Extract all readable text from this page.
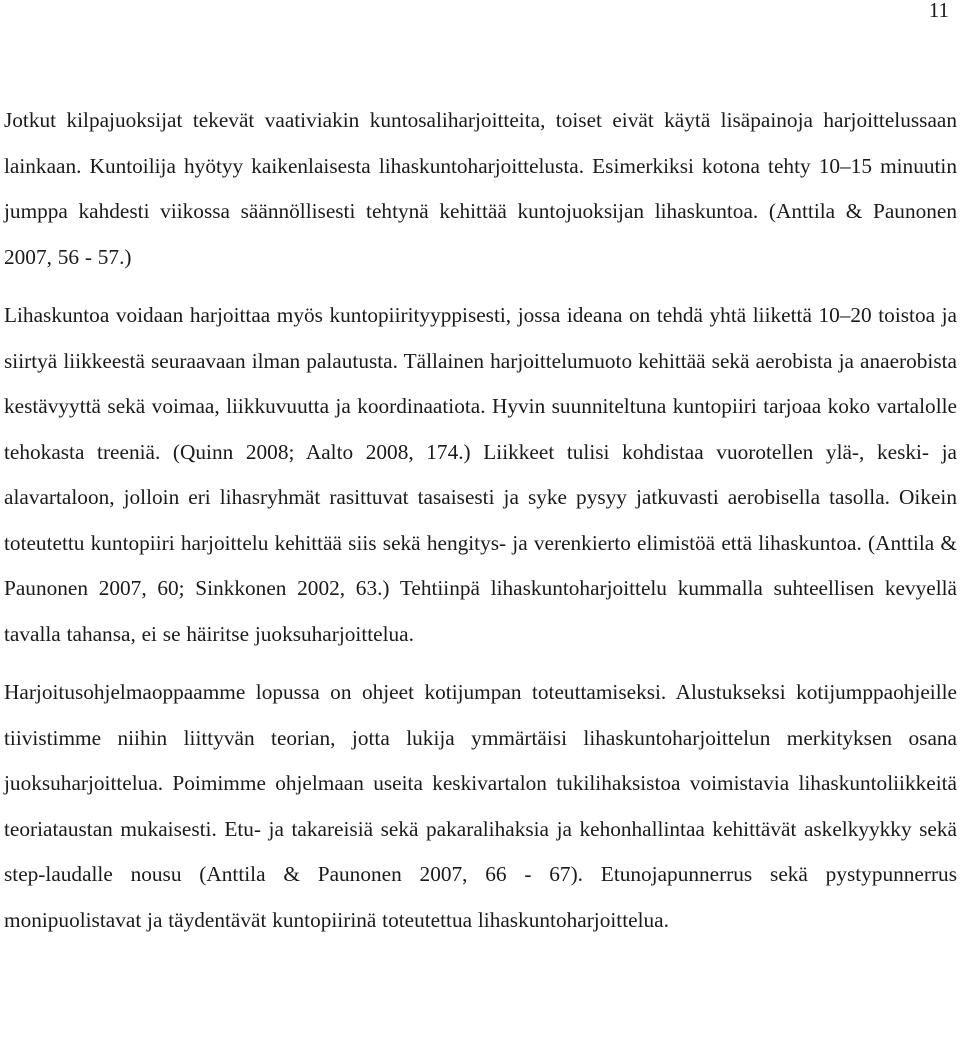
11

Jotkut kilpajuoksijat tekevät vaativiakin kuntosaliharjoitteita, toiset eivät käytä lisäpainoja harjoittelussaan lainkaan. Kuntoilija hyötyy kaikenlaisesta lihaskuntoharjoittelusta. Esimerkiksi kotona tehty 10–15 minuutin jumppa kahdesti viikossa säännöllisesti tehtynä kehittää kuntojuoksijan lihaskuntoa. (Anttila & Paunonen 2007, 56 - 57.)

Lihaskuntoa voidaan harjoittaa myös kuntopiirityyppisesti, jossa ideana on tehdä yhtä liikettä 10–20 toistoa ja siirtyä liikkeestä seuraavaan ilman palautusta. Tällainen harjoittelumuoto kehittää sekä aerobista ja anaerobista kestävyyttä sekä voimaa, liikkuvuutta ja koordinaatiota. Hyvin suunniteltuna kuntopiiri tarjoaa koko vartalolle tehokasta treeniä. (Quinn 2008; Aalto 2008, 174.) Liikkeet tulisi kohdistaa vuorotellen ylä-, keski- ja alavartaloon, jolloin eri lihasryhmät rasittuvat tasaisesti ja syke pysyy jatkuvasti aerobisella tasolla. Oikein toteutettu kuntopiiri harjoittelu kehittää siis sekä hengitys- ja verenkierto elimistöä että lihaskuntoa. (Anttila & Paunonen 2007, 60; Sinkkonen 2002, 63.) Tehtiinpä lihaskuntoharjoittelu kummalla suhteellisen kevyellä tavalla tahansa, ei se häiritse juoksuharjoittelua.

Harjoitusohjelmaoppaamme lopussa on ohjeet kotijumpan toteuttamiseksi. Alustukseksi kotijumppaohjeille tiivistimme niihin liittyvän teorian, jotta lukija ymmärtäisi lihaskuntoharjoittelun merkityksen osana juoksuharjoittelua. Poimimme ohjelmaan useita keskivartalon tukilihaksistoa voimistavia lihaskuntoliikkeitä teoriataustan mukaisesti. Etu- ja takareisiä sekä pakaralihaksia ja kehonhallintaa kehittävät askelkyykky sekä step-laudalle nousu (Anttila & Paunonen 2007, 66 - 67). Etunojapunnerrus sekä pystypunnerrus monipuolistavat ja täydentävät kuntopiirinä toteutettua lihaskuntoharjoittelua.
